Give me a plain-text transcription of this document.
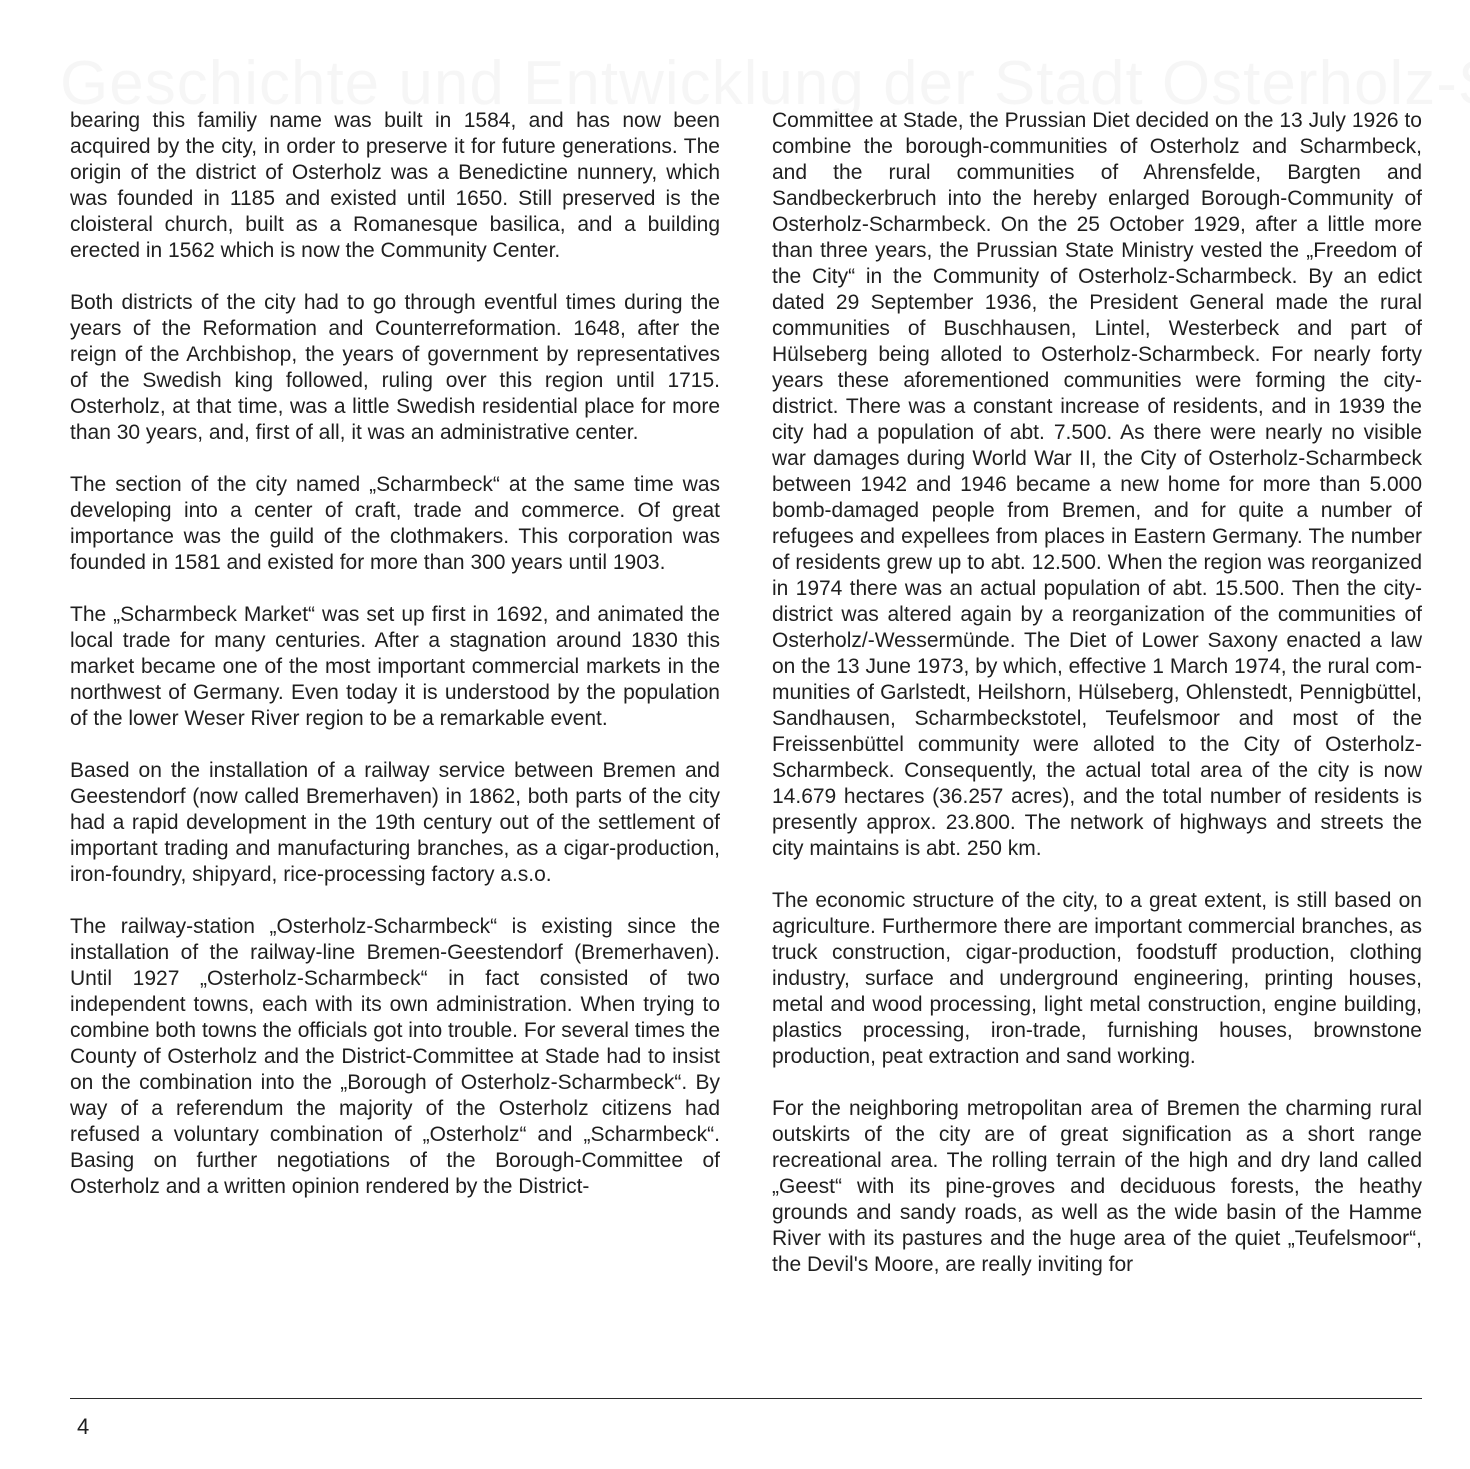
bearing this familiy name was built in 1584, and has now been acquired by the city, in order to preserve it for future generations. The origin of the district of Osterholz was a Benedictine nunnery, which was founded in 1185 and existed until 1650. Still preserved is the cloisteral church, built as a Romanesque basilica, and a building erected in 1562 which is now the Community Center.

Both districts of the city had to go through eventful times during the years of the Reformation and Counterreformation. 1648, after the reign of the Archbishop, the years of government by representatives of the Swedish king followed, ruling over this region until 1715. Osterholz, at that time, was a little Swedish residential place for more than 30 years, and, first of all, it was an administrative center.

The section of the city named „Scharmbeck“ at the same time was developing into a center of craft, trade and commerce. Of great importance was the guild of the clothmakers. This corporation was founded in 1581 and existed for more than 300 years until 1903.

The „Scharmbeck Market“ was set up first in 1692, and animated the local trade for many centuries. After a stagnation around 1830 this market became one of the most important commercial markets in the northwest of Germany. Even today it is understood by the population of the lower Weser River region to be a remarkable event.

Based on the installation of a railway service between Bremen and Geestendorf (now called Bremerhaven) in 1862, both parts of the city had a rapid development in the 19th century out of the settlement of important trading and manufacturing branches, as a cigar-production, iron-foundry, shipyard, rice-processing factory a.s.o.

The railway-station „Osterholz-Scharmbeck“ is existing since the installation of the railway-line Bremen-Geestendorf (Bremerhaven). Until 1927 „Osterholz-Scharmbeck“ in fact consisted of two independent towns, each with its own administration. When trying to combine both towns the officials got into trouble. For several times the County of Osterholz and the District-Committee at Stade had to insist on the combination into the „Borough of Osterholz-Scharmbeck“. By way of a referendum the majority of the Osterholz citizens had refused a voluntary combination of „Osterholz“ and „Scharmbeck“. Basing on further negotiations of the Borough-Committee of Osterholz and a written opinion rendered by the District-

Committee at Stade, the Prussian Diet decided on the 13 July 1926 to combine the borough-communities of Osterholz and Scharmbeck, and the rural communities of Ahrensfelde, Bargten and Sandbeckerbruch into the hereby enlarged Borough-Community of Osterholz-Scharmbeck. On the 25 October 1929, after a little more than three years, the Prussian State Ministry vested the „Freedom of the City“ in the Community of Osterholz-Scharmbeck. By an edict dated 29 September 1936, the President General made the rural communities of Buschhausen, Lintel, Westerbeck and part of Hülseberg being alloted to Osterholz-Scharmbeck. For nearly forty years these aforementioned communities were forming the city-district. There was a constant increase of residents, and in 1939 the city had a population of abt. 7.500. As there were nearly no visible war damages during World War II, the City of Osterholz-Scharmbeck between 1942 and 1946 became a new home for more than 5.000 bomb-damaged people from Bremen, and for quite a number of refugees and expellees from places in Eastern Germany. The number of residents grew up to abt. 12.500. When the region was reorganized in 1974 there was an actual population of abt. 15.500. Then the city-district was altered again by a reorganization of the communities of Osterholz/-Wessermünde. The Diet of Lower Saxony enacted a law on the 13 June 1973, by which, effective 1 March 1974, the rural communities of Garlstedt, Heilshorn, Hülseberg, Ohlenstedt, Pennigbüttel, Sandhausen, Scharmbeckstotel, Teufelsmoor and most of the Freissenbüttel community were alloted to the City of Osterholz-Scharmbeck. Consequently, the actual total area of the city is now 14.679 hectares (36.257 acres), and the total number of residents is presently approx. 23.800. The network of highways and streets the city maintains is abt. 250 km.

The economic structure of the city, to a great extent, is still based on agriculture. Furthermore there are important commercial branches, as truck construction, cigar-production, foodstuff production, clothing industry, surface and underground engineering, printing houses, metal and wood processing, light metal construction, engine building, plastics processing, iron-trade, furnishing houses, brownstone production, peat extraction and sand working.

For the neighboring metropolitan area of Bremen the charming rural outskirts of the city are of great signification as a short range recreational area. The rolling terrain of the high and dry land called „Geest“ with its pine-groves and deciduous forests, the heathy grounds and sandy roads, as well as the wide basin of the Hamme River with its pastures and the huge area of the quiet „Teufelsmoor“, the Devil's Moore, are really inviting for

4
